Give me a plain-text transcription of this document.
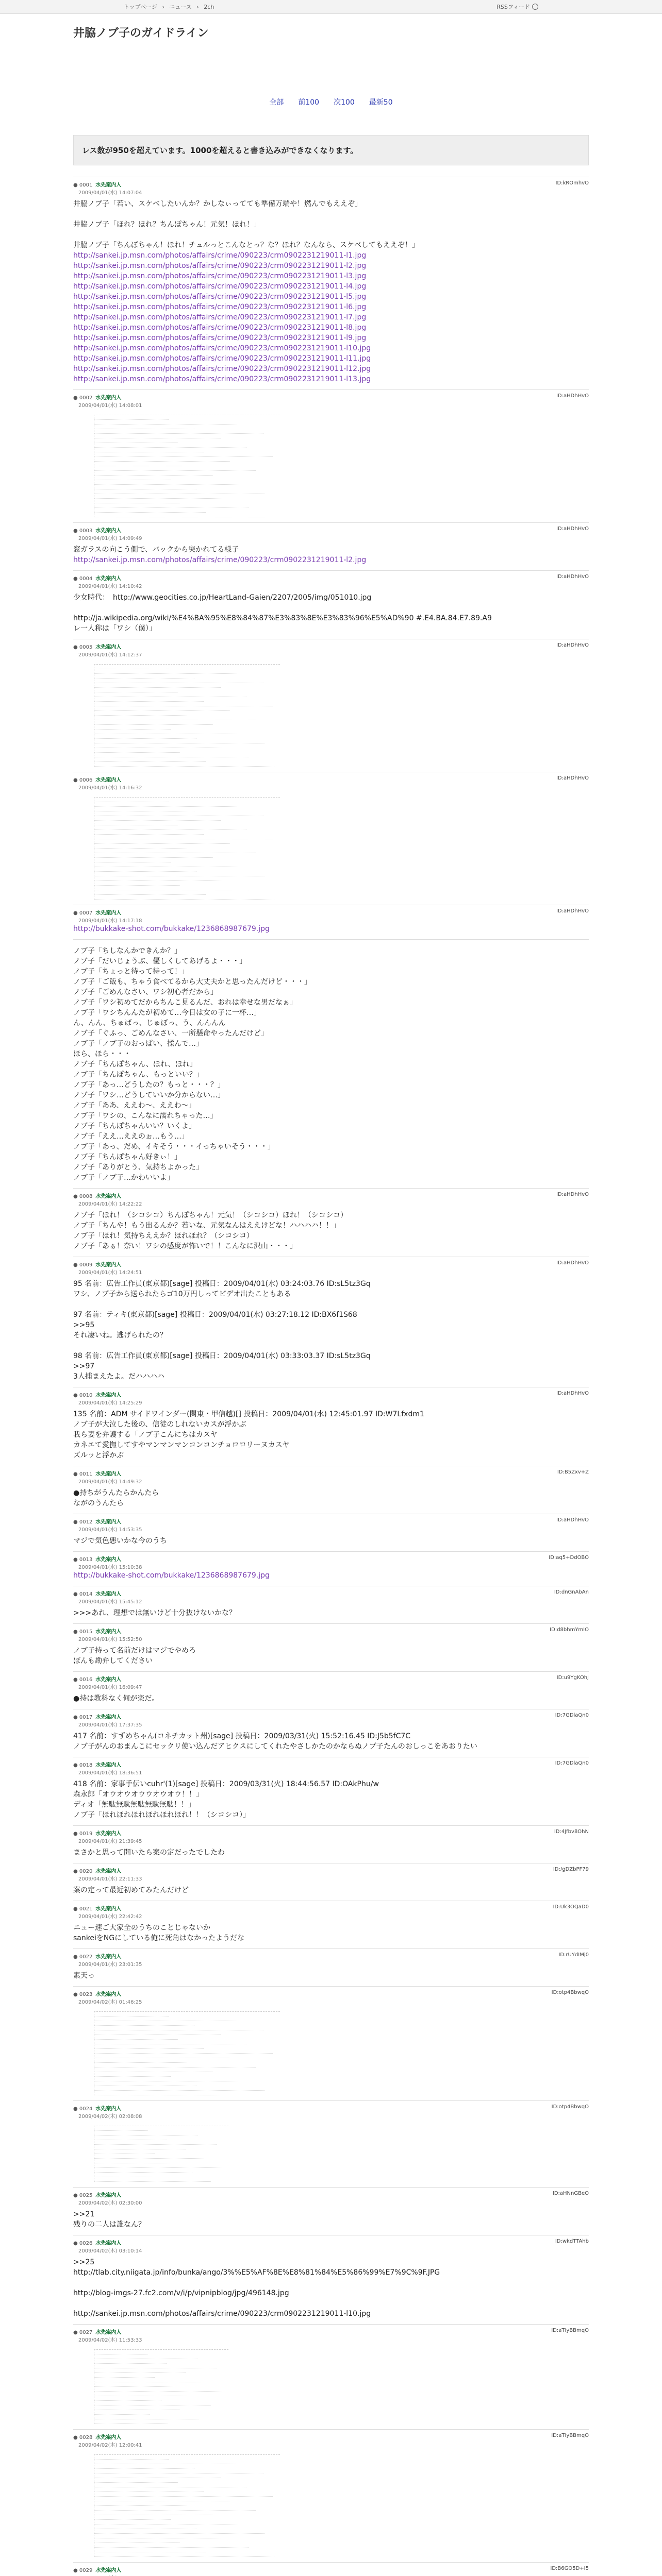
トップページ › ニュース › 2ch	RSSフィード
井脇ノブ子のガイドライン
全部 前100 次100 最新50
レス数が950を超えています。1000を超えると書き込みができなくなります。
● 0001 水先案内人
2009/04/01(水) 14:07:04
ID:kROmhvO
井脇ノブ子「若い、スケベしたいんか？かしなぃってても準備万端や！燃んでもええぞ」

井脇ノブ子「ほれ？ほれ？ちんぽちゃん！元気！ほれ！」

井脇ノブ子「ちんぽちゃん！ほれ！チュルっとこんなとっ？な？ほれ？なんなら、スケベしてもええぞ！」

http://sankei.jp.msn.com/photos/affairs/crime/090223/crm0902231219011-l1.jpg
http://sankei.jp.msn.com/photos/affairs/crime/090223/crm0902231219011-l2.jpg
http://sankei.jp.msn.com/photos/affairs/crime/090223/crm0902231219011-l3.jpg
http://sankei.jp.msn.com/photos/affairs/crime/090223/crm0902231219011-l4.jpg
http://sankei.jp.msn.com/photos/affairs/crime/090223/crm0902231219011-l5.jpg
http://sankei.jp.msn.com/photos/affairs/crime/090223/crm0902231219011-l6.jpg
http://sankei.jp.msn.com/photos/affairs/crime/090223/crm0902231219011-l7.jpg
http://sankei.jp.msn.com/photos/affairs/crime/090223/crm0902231219011-l8.jpg
http://sankei.jp.msn.com/photos/affairs/crime/090223/crm0902231219011-l9.jpg
http://sankei.jp.msn.com/photos/affairs/crime/090223/crm0902231219011-l10.jpg
http://sankei.jp.msn.com/photos/affairs/crime/090223/crm0902231219011-l11.jpg
http://sankei.jp.msn.com/photos/affairs/crime/090223/crm0902231219011-l12.jpg
http://sankei.jp.msn.com/photos/affairs/crime/090223/crm0902231219011-l13.jpg
● 0002 水先案内人
2009/04/01(水) 14:08:01
ID:aHDhHvO
● 0003 水先案内人
2009/04/01(水) 14:09:49
ID:aHDhHvO
窓ガラスの向こう側で、バックから突かれてる様子
http://sankei.jp.msn.com/photos/affairs/crime/090223/crm0902231219011-l2.jpg
● 0004 水先案内人
2009/04/01(水) 14:10:42
ID:aHDhHvO
少女時代：　http://www.geocities.co.jp/HeartLand-Gaien/2207/2005/img/051010.jpg

http://ja.wikipedia.org/wiki/%E4%BA%95%E8%84%87%E3%83%8E%E3%83%96%E5%AD%90 #.E4.BA.84.E7.89.A9
レ一人称は「ワシ（僕）」
● 0005 水先案内人
2009/04/01(水) 14:12:37
ID:aHDhHvO
● 0006 水先案内人
2009/04/01(水) 14:16:32
ID:aHDhHvO
● 0007 水先案内人
2009/04/01(水) 14:17:18
ID:aHDhHvO
http://bukkake-shot.com/bukkake/1236868987679.jpg
ノブ子「ちしなんかできんか？」
ノブ子「だいじょうぶ、優しくしてあげるよ・・・」
ノブ子「ちょっと待って待って！」
ノブ子「ご飯も、ちゃう食べてるから大丈夫かと思ったんだけど・・・」
ノブ子「ごめんなさい、ワシ初心者だから」
ノブ子「ワシ初めてだからちんこ見るんだ、おれは幸せな男だなぁ」
ノブ子「ワシちんんたが初めて…今日は女の子に一杯…」
ん、んん、ちゅばっ、じゅぼっ、う、んんんん
ノブ子「ぐふっ、ごめんなさい、一所懸命やったんだけど」
ノブ子「ノブ子のおっぱい、揉んで…」
ほら、ほら・・・
ノブ子「ちんぽちゃん、ほれ、ほれ」
ノブ子「ちんぽちゃん、もっといい？」
ノブ子「あっ…どうしたの？もっと・・・？」
ノブ子「ワシ…どうしていいか分からない…」
ノブ子「ああ、ええわ〜、ええわ〜」
ノブ子「ワシの、こんなに濡れちゃった…」
ノブ子「ちんぽちゃんいい？いくよ」
ノブ子「ええ…ええのぉ…もう…」
ノブ子「あっ、だめ、イキそう・・・イっちゃいそう・・・」
ノブ子「ちんぽちゃん好きぃ！」
ノブ子「ありがとう、気持ちよかった」
ノブ子「ノブ子…かわいいよ」
● 0008 水先案内人
2009/04/01(水) 14:22:22
ID:aHDhHvO
ノブ子「ほれ！（シコシコ）ちんぽちゃん！元気！（シコシコ）ほれ！（シコシコ）
ノブ子「ちんや！もう出るんか？若いな、元気なんはええけどな！ハハハハ！！」
ノブ子「ほれ！気持ちええか？ほれほれ？（シコシコ）
ノブ子「あぁ！奈い！ワシの感度が怖いで！！こんなに沢山・・・」
● 0009 水先案内人
2009/04/01(水) 14:24:51
ID:aHDhHvO
95 名前：広告工作員(東京都)[sage] 投稿日：2009/04/01(水) 03:24:03.76 ID:sL5tz3Gq
ワシ、ノブ子から送られたらゴ10万円しってビデオ出たこともある

97 名前：ティキ(東京都)[sage] 投稿日：2009/04/01(水) 03:27:18.12 ID:BX6f1S68
>>95
それ凄いね。逃げられたの？

98 名前：広告工作員(東京都)[sage] 投稿日：2009/04/01(水) 03:33:03.37 ID:sL5tz3Gq
>>97
3人捕まえたよ。だハハハハ
● 0010 水先案内人
2009/04/01(水) 14:25:29
ID:aHDhHvO
135 名前：ADM サイドワインダー(関東・甲信越)[] 投稿日：2009/04/01(水) 12:45:01.97 ID:W7Lfxdm1
ノブ子が大泣した後の、信徒のしれないカスが浮かぶ
我ら妻を弁護する「ノブ子こんにちはカスヤ
カネエて愛撫してすやマンマンマンコンコンチョロロリーヌカスヤ
ズルッと浮かぶ
● 0011 水先案内人
2009/04/01(水) 14:49:32
ID:B5Zxv+Z
●持ちがうんたらかんたら
ながのうんたら
● 0012 水先案内人
2009/04/01(水) 14:53:35
ID:aHDhHvO
マジで気色悪いかな今のうち
● 0013 水先案内人
2009/04/01(水) 15:10:38
ID:aq5+DdOBO
http://bukkake-shot.com/bukkake/1236868987679.jpg
● 0014 水先案内人
2009/04/01(水) 15:45:12
ID:dnGnAbAn
>>>あれ、理想では無いけど十分抜けないかな？
● 0015 水先案内人
2009/04/01(水) 15:52:50
ID:d8bhmYmIO
ノブ子持って名前だけはマジでやめろ
ぼんも勘弁してください
● 0016 水先案内人
2009/04/01(水) 16:09:47
ID:u9YgKOhJ
●持は教科なく何が楽だ。
● 0017 水先案内人
2009/04/01(水) 17:37:35
ID:7GDlaQn0
417 名前：すずめちゃん(コネチカット州)[sage] 投稿日：2009/03/31(火) 15:52:16.45 ID:J5b5fC7C
ノブ子がんのおまんこにセックリ使い込んだアヒクスにしてくれたやさしかたのかならぬノブ子たんのおしっこをあおりたい
● 0018 水先案内人
2009/04/01(水) 18:36:51
ID:7GDlaQn0
418 名前：家事手伝いcuhr'(1)[sage] 投稿日：2009/03/31(火) 18:44:56.57 ID:OAkPhu/w
森永郎「オウオウオウウオウオウ！！」
ディオ「無駄無駄無駄無駄無駄！！」
ノブ子「ほれほれほれほれほれほれ！！（シコシコ）」
● 0019 水先案内人
2009/04/01(水) 21:39:45
ID:4Jfbv8OhN
まさかと思って開いたら案の定だったでしたわ
● 0020 水先案内人
2009/04/01(水) 22:11:33
ID:/gDZbPF79
案の定って最近初めてみたんだけど
● 0021 水先案内人
2009/04/01(水) 22:42:42
ID:Uk3OQaD0
ニュー速ご大家全のうちのことじゃないか
sankeiをNGにしている俺に死角はなかったようだな
● 0022 水先案内人
2009/04/01(水) 23:01:35
ID:rUYdIMj0
素天っ
● 0023 水先案内人
2009/04/02(木) 01:46:25
ID:otp4BbwqO
● 0024 水先案内人
2009/04/02(木) 02:08:08
ID:otp4BbwqO
● 0025 水先案内人
2009/04/02(木) 02:30:00
ID:aHNnGBeO
>>21
残りの二人は誰なん？
● 0026 水先案内人
2009/04/02(木) 03:10:14
ID:wkdTTAhb
>>25
http://tlab.city.niigata.jp/info/bunka/ango/3%%E5%AF%8E%E8%81%84%E5%86%99%E7%9C%9F.JPG

http://blog-imgs-27.fc2.com/v/i/p/vipnipblog/jpg/496148.jpg

http://sankei.jp.msn.com/photos/affairs/crime/090223/crm0902231219011-l10.jpg
● 0027 水先案内人
2009/04/02(木) 11:53:33
ID:aTIyBBmqO
● 0028 水先案内人
2009/04/02(木) 12:00:41
ID:aTIyBBmqO
● 0029 水先案内人	ID:B6GO5D+I5
